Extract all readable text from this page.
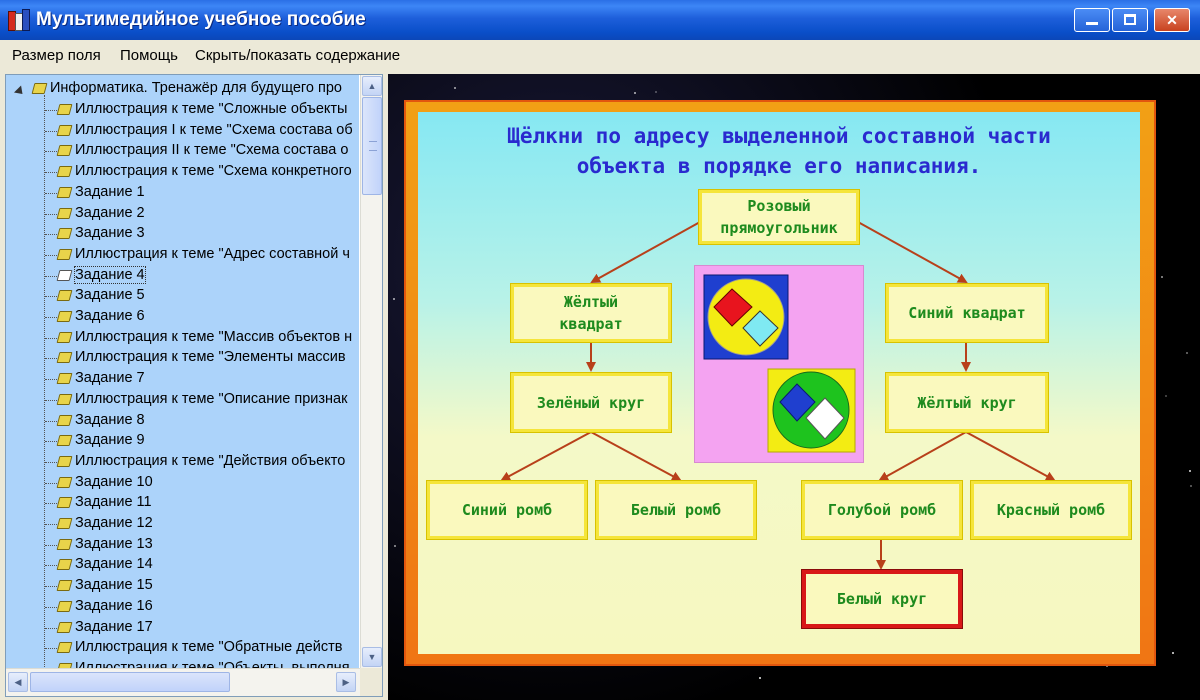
Мультимедийное учебное пособие	✕
Размер поля Помощь Скрыть/показать содержание
Информатика. Тренажёр для будущего про
Иллюстрация к теме "Сложные объекты
Иллюстрация I к теме "Схема состава об
Иллюстрация II к теме "Схема состава о
Иллюстрация к теме "Схема конкретного
Задание 1
Задание 2
Задание 3
Иллюстрация к теме "Адрес составной ч
Задание 4
Задание 5
Задание 6
Иллюстрация к теме "Массив объектов н
Иллюстрация к теме "Элементы массив
Задание 7
Иллюстрация к теме "Описание признак
Задание 8
Задание 9
Иллюстрация к теме "Действия объекто
Задание 10
Задание 11
Задание 12
Задание 13
Задание 14
Задание 15
Задание 16
Задание 17
Иллюстрация к теме "Обратные действ
▲
▼
◀	▶
Щёлкни по адресу выделенной составной части
объекта в порядке его написания.
Розовый
прямоугольник
Жёлтый
квадрат
Синий квадрат
Зелёный круг	Жёлтый круг
Синий ромб	Белый ромб	Голубой ромб	Красный ромб
Белый круг
